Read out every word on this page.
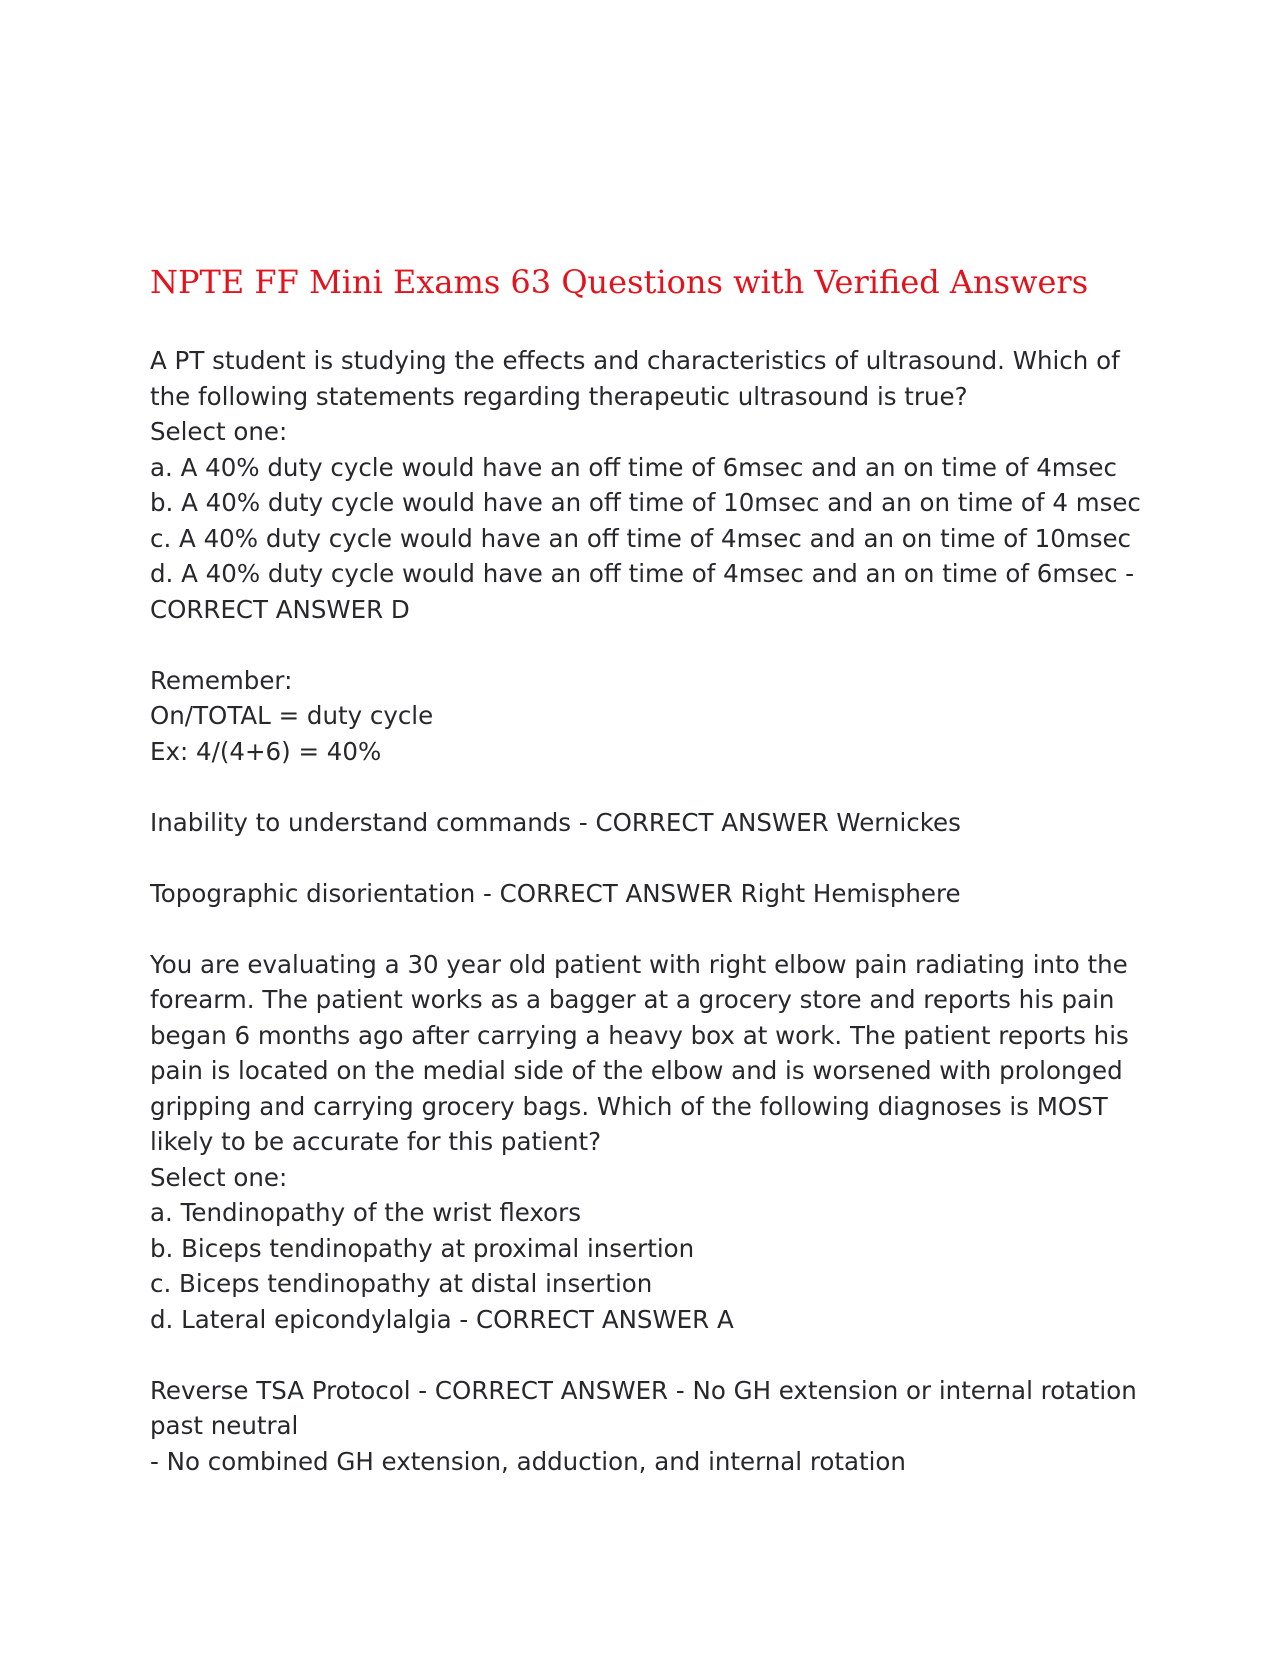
NPTE FF Mini Exams 63 Questions with Verified Answers
A PT student is studying the effects and characteristics of ultrasound. Which of
the following statements regarding therapeutic ultrasound is true?
Select one:
a. A 40% duty cycle would have an off time of 6msec and an on time of 4msec
b. A 40% duty cycle would have an off time of 10msec and an on time of 4 msec
c. A 40% duty cycle would have an off time of 4msec and an on time of 10msec
d. A 40% duty cycle would have an off time of 4msec and an on time of 6msec -
CORRECT ANSWER D
Remember:
On/TOTAL = duty cycle
Ex: 4/(4+6) = 40%
Inability to understand commands - CORRECT ANSWER Wernickes
Topographic disorientation - CORRECT ANSWER Right Hemisphere
You are evaluating a 30 year old patient with right elbow pain radiating into the
forearm. The patient works as a bagger at a grocery store and reports his pain
began 6 months ago after carrying a heavy box at work. The patient reports his
pain is located on the medial side of the elbow and is worsened with prolonged
gripping and carrying grocery bags. Which of the following diagnoses is MOST
likely to be accurate for this patient?
Select one:
a. Tendinopathy of the wrist flexors
b. Biceps tendinopathy at proximal insertion
c. Biceps tendinopathy at distal insertion
d. Lateral epicondylalgia - CORRECT ANSWER A
Reverse TSA Protocol - CORRECT ANSWER - No GH extension or internal rotation
past neutral
- No combined GH extension, adduction, and internal rotation
